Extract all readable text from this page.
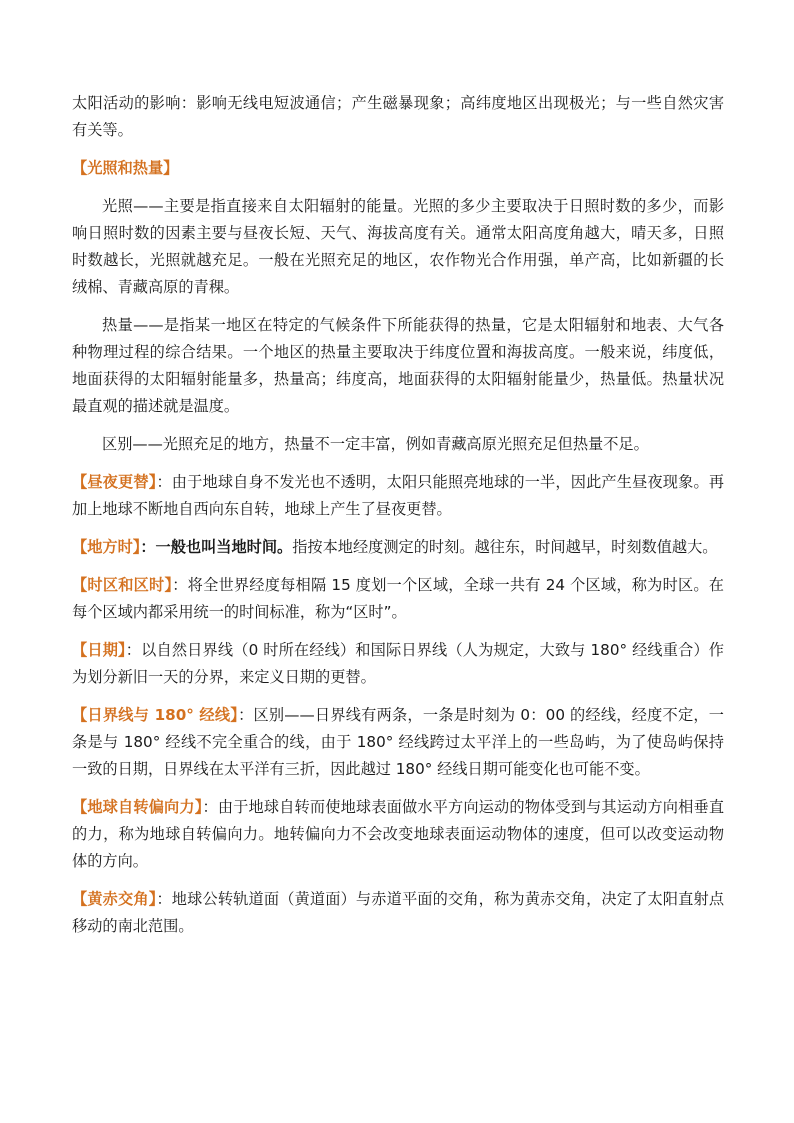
太阳活动的影响：影响无线电短波通信；产生磁暴现象；高纬度地区出现极光；与一些自然灾害有关等。

【光照和热量】

光照——主要是指直接来自太阳辐射的能量。光照的多少主要取决于日照时数的多少，而影响日照时数的因素主要与昼夜长短、天气、海拔高度有关。通常太阳高度角越大，晴天多，日照时数越长，光照就越充足。一般在光照充足的地区，农作物光合作用强，单产高，比如新疆的长绒棉、青藏高原的青稞。

热量——是指某一地区在特定的气候条件下所能获得的热量，它是太阳辐射和地表、大气各种物理过程的综合结果。一个地区的热量主要取决于纬度位置和海拔高度。一般来说，纬度低，地面获得的太阳辐射能量多，热量高；纬度高，地面获得的太阳辐射能量少，热量低。热量状况最直观的描述就是温度。

区别——光照充足的地方，热量不一定丰富，例如青藏高原光照充足但热量不足。

【昼夜更替】：由于地球自身不发光也不透明，太阳只能照亮地球的一半，因此产生昼夜现象。再加上地球不断地自西向东自转，地球上产生了昼夜更替。

【地方时】：一般也叫当地时间。指按本地经度测定的时刻。越往东，时间越早，时刻数值越大。

【时区和区时】：将全世界经度每相隔 15 度划一个区域，全球一共有 24 个区域，称为时区。在每个区域内都采用统一的时间标准，称为“区时”。

【日期】：以自然日界线（0 时所在经线）和国际日界线（人为规定，大致与 180° 经线重合）作为划分新旧一天的分界，来定义日期的更替。

【日界线与 180° 经线】：区别——日界线有两条，一条是时刻为 0：00 的经线，经度不定，一条是与 180° 经线不完全重合的线，由于 180° 经线跨过太平洋上的一些岛屿，为了使岛屿保持一致的日期，日界线在太平洋有三折，因此越过 180° 经线日期可能变化也可能不变。

【地球自转偏向力】：由于地球自转而使地球表面做水平方向运动的物体受到与其运动方向相垂直的力，称为地球自转偏向力。地转偏向力不会改变地球表面运动物体的速度，但可以改变运动物体的方向。

【黄赤交角】：地球公转轨道面（黄道面）与赤道平面的交角，称为黄赤交角，决定了太阳直射点移动的南北范围。
